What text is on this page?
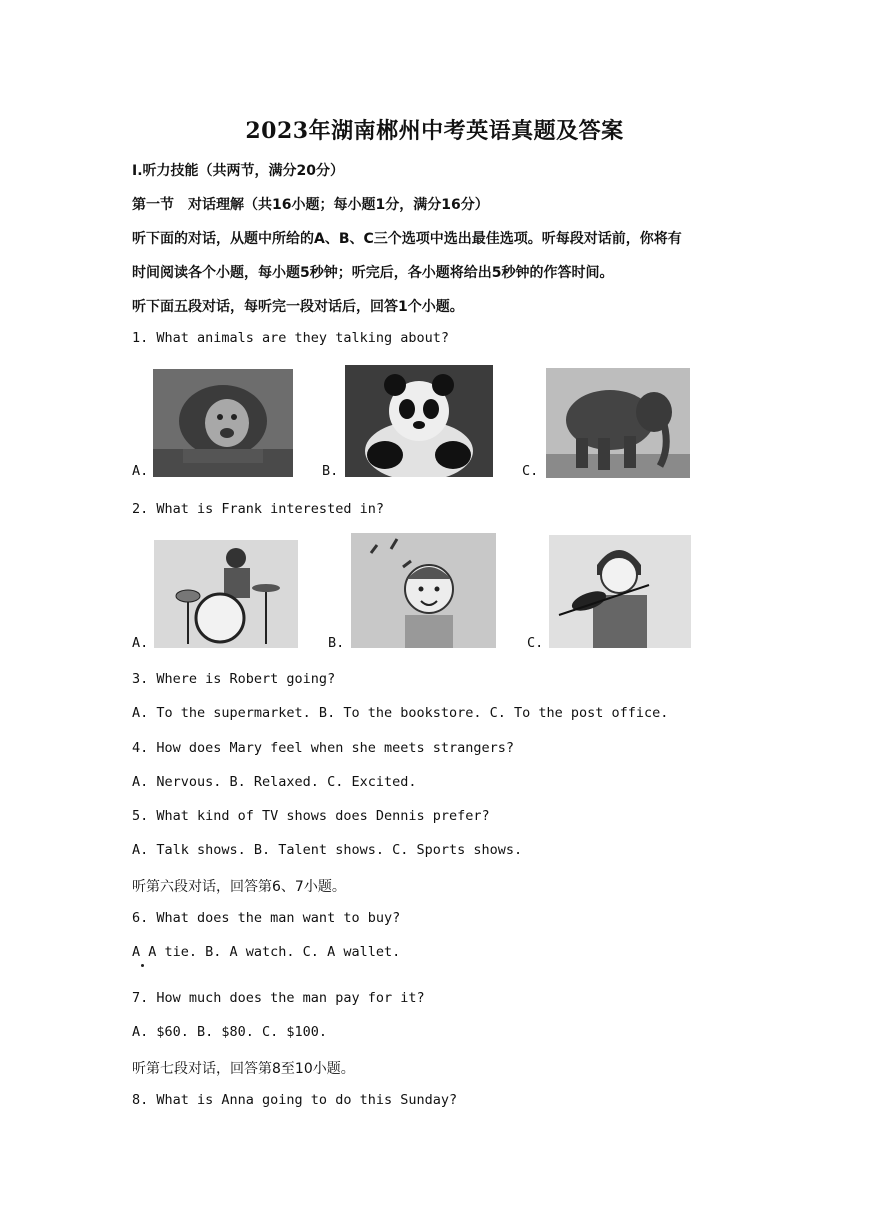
2023年湖南郴州中考英语真题及答案
Ⅰ.听力技能（共两节，满分20分）
第一节　对话理解（共16小题；每小题1分，满分16分）
听下面的对话，从题中所给的A、B、C三个选项中选出最佳选项。听每段对话前，你将有
时间阅读各个小题，每小题5秒钟；听完后，各小题将给出5秒钟的作答时间。
听下面五段对话，每听完一段对话后，回答1个小题。
1. What animals are they talking about?
A.	B.	C.
2. What is Frank interested in?
A.	B.	C.
3. Where is Robert going?
A. To the supermarket. B. To the bookstore. C. To the post office.
4. How does Mary feel when she meets strangers?
A. Nervous. B. Relaxed. C. Excited.
5. What kind of TV shows does Dennis prefer?
A. Talk shows. B. Talent shows. C. Sports shows.
听第六段对话，回答第6、7小题。
6. What does the man want to buy?
A A tie. B. A watch. C. A wallet.
7. How much does the man pay for it?
A. $60. B. $80. C. $100.
听第七段对话，回答第8至10小题。
8. What is Anna going to do this Sunday?
